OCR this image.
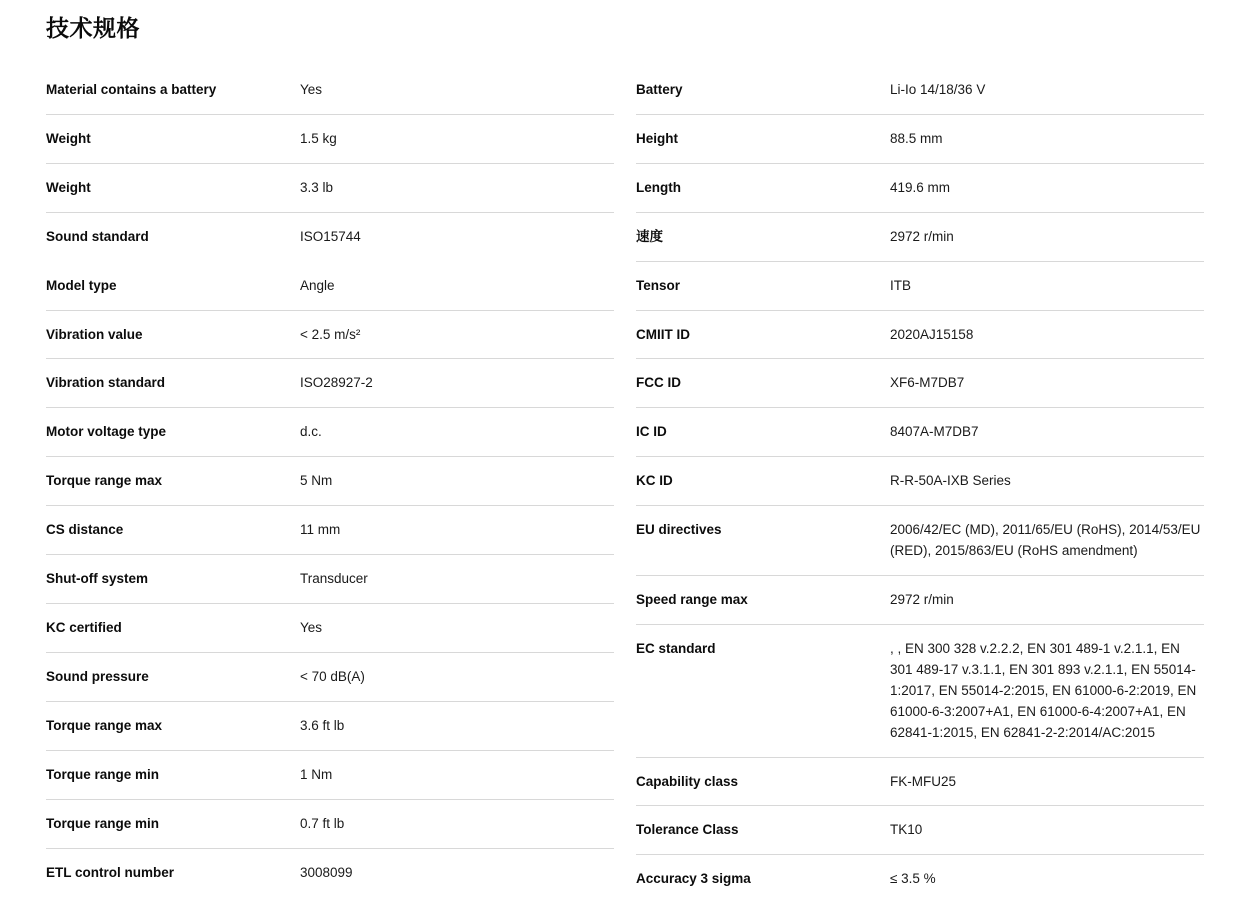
技术规格
Material contains a battery	Yes
Weight	1.5 kg
Weight	3.3 lb
Sound standard	ISO15744
Model type	Angle
Vibration value	< 2.5 m/s²
Vibration standard	ISO28927-2
Motor voltage type	d.c.
Torque range max	5 Nm
CS distance	11 mm
Shut-off system	Transducer
KC certified	Yes
Sound pressure	< 70 dB(A)
Torque range max	3.6 ft lb
Torque range min	1 Nm
Torque range min	0.7 ft lb
ETL control number	3008099
Battery	Li-Io 14/18/36 V
Height	88.5 mm
Length	419.6 mm
速度	2972 r/min
Tensor	ITB
CMIIT ID	2020AJ15158
FCC ID	XF6-M7DB7
IC ID	8407A-M7DB7
KC ID	R-R-50A-IXB Series
EU directives	2006/42/EC (MD), 2011/65/EU (RoHS), 2014/53/EU (RED), 2015/863/EU (RoHS amendment)
Speed range max	2972 r/min
EC standard	, , EN 300 328 v.2.2.2, EN 301 489-1 v.2.1.1, EN 301 489-17 v.3.1.1, EN 301 893 v.2.1.1, EN 55014-1:2017, EN 55014-2:2015, EN 61000-6-2:2019, EN 61000-6-3:2007+A1, EN 61000-6-4:2007+A1, EN 62841-1:2015, EN 62841-2-2:2014/AC:2015
Capability class	FK-MFU25
Tolerance Class	TK10
Accuracy 3 sigma	≤ 3.5 %
